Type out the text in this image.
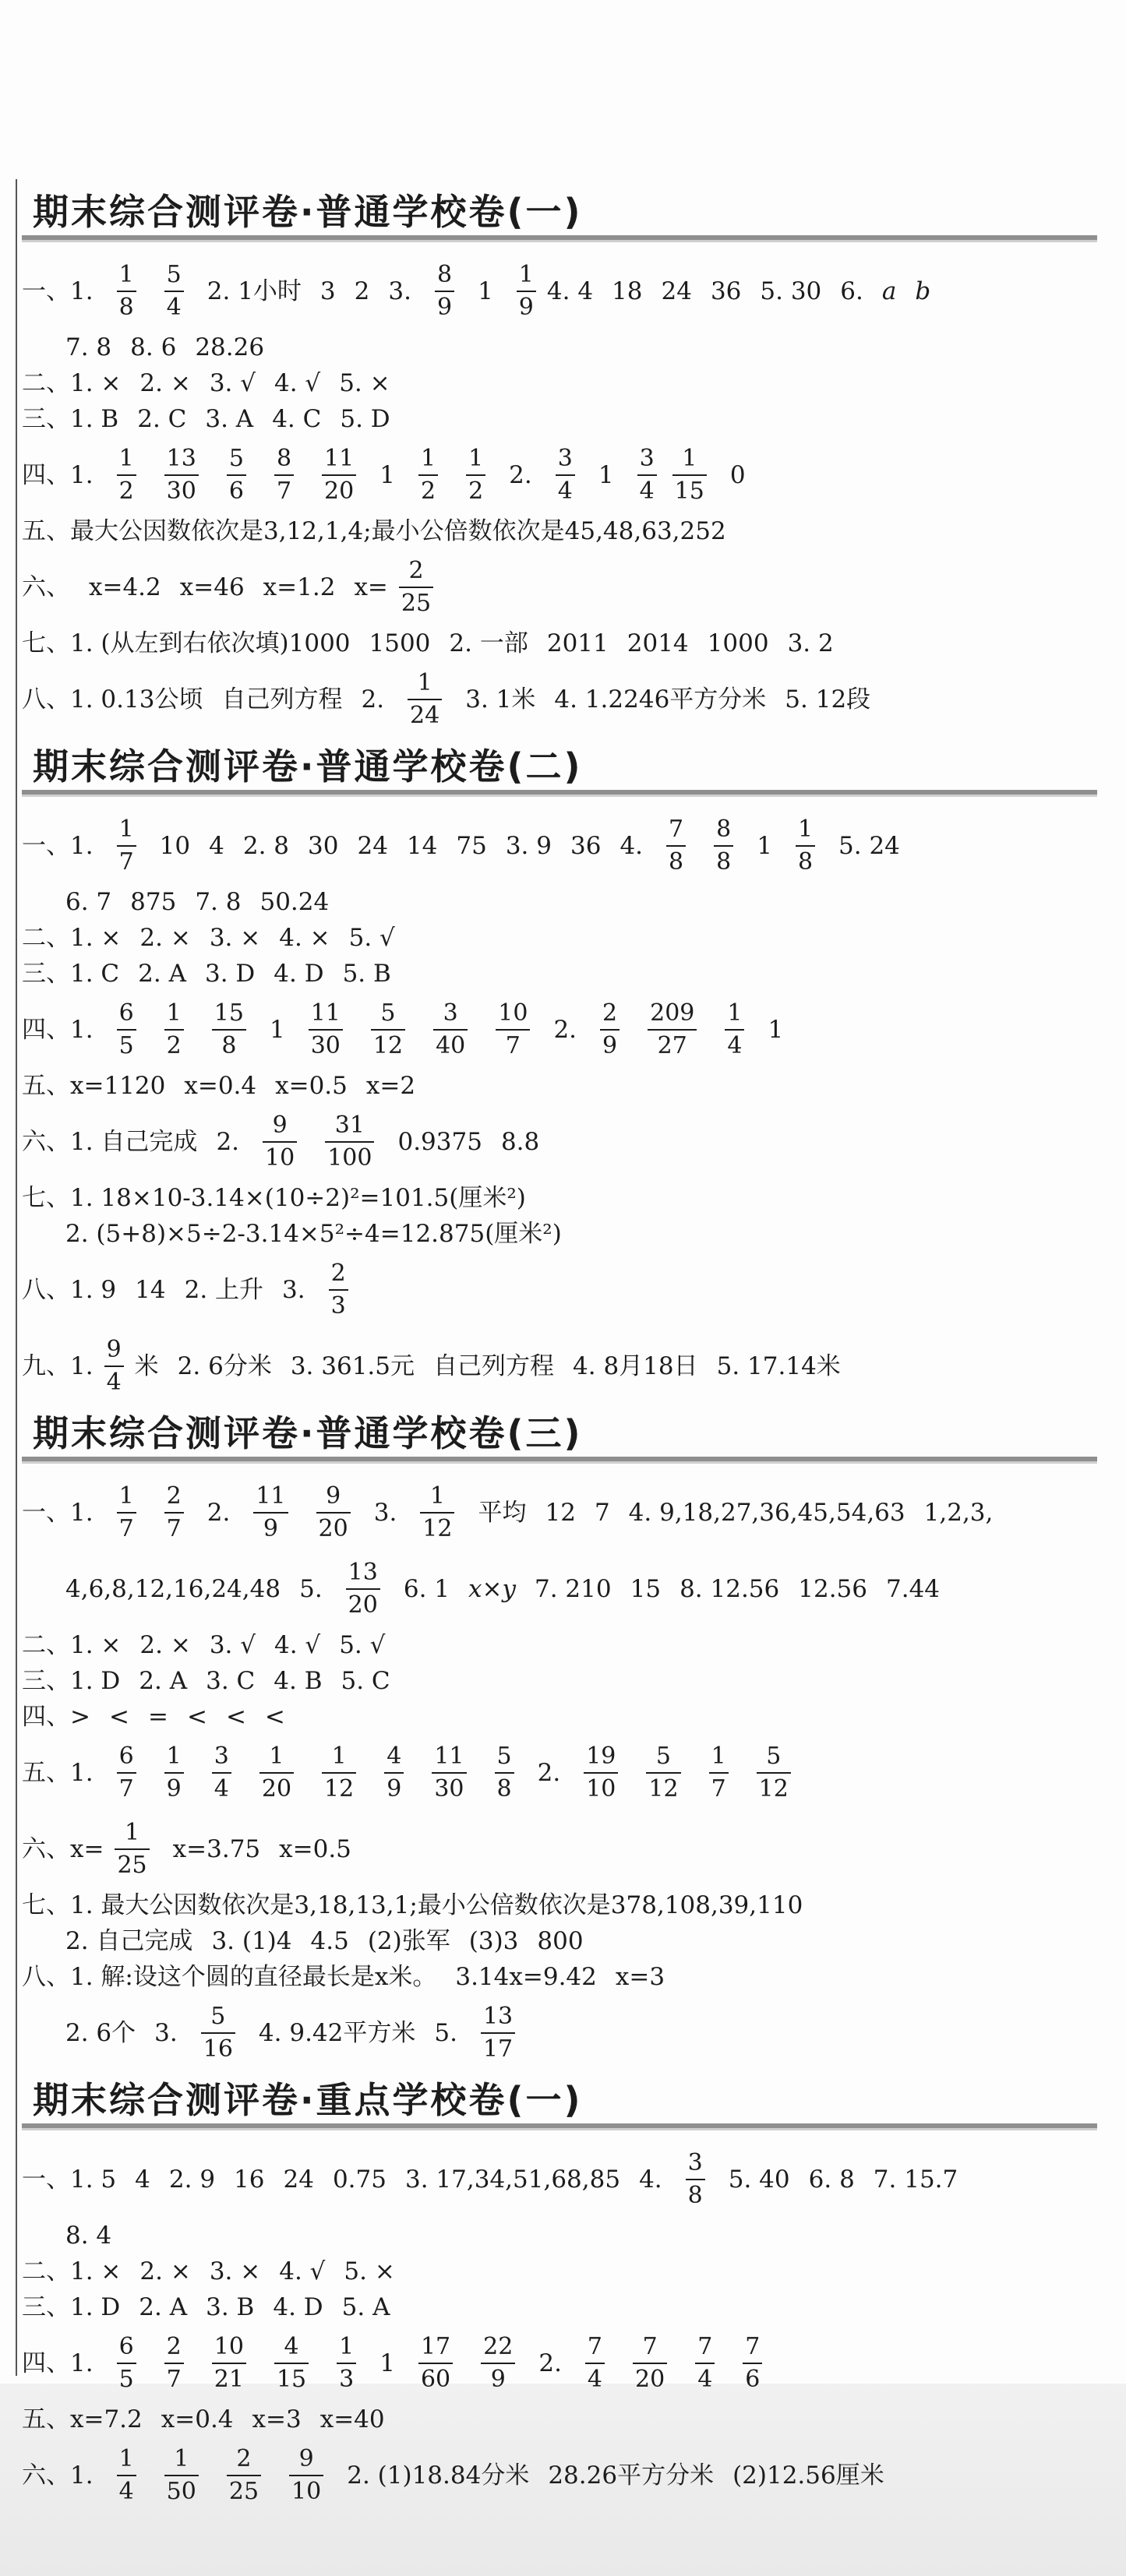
期末综合测评卷·普通学校卷(一)
一、1. $\frac{1}{8} \frac{5}{4} 2$. 1小时 3 2 3. $\frac{8}{9} 1 \frac{1}{9} 4$. 4 18 24 36 5. 30 6. a b
7. 8 8. 6 28.26
二、1. × 2. × 3. √ 4. √ 5. ×
三、1. B 2. C 3. A 4. C 5. D
四、1. $\frac{1}{2} \frac{13}{30} \frac{5}{6} \frac{8}{7} \frac{11}{20} 1 \frac{1}{2} \frac{1}{2} 2$. $\frac{3}{4} 1 \frac{3}{4} \frac{1}{15} 0$
五、最大公因数依次是3,12,1,4;最小公倍数依次是45,48,63,252
六、 x=4.2 x=46 x=1.2 $x= \frac{2}{25}$
七、1. (从左到右依次填)1000 1500 2. 一部 2011 2014 1000 3. 2
八、1. 0.13公顷 自己列方程 2. $\frac{1}{24} 3$. 1米 4. 1.2246平方分米 5. 12段
期末综合测评卷·普通学校卷(二)
一、1. $\frac{1}{7} 10$ 4 2. 8 30 24 14 75 3. 9 36 4. $\frac{7}{8} \frac{8}{8} 1 \frac{1}{8} 5$. 24
6. 7 875 7. 8 50.24
二、1. × 2. × 3. × 4. × 5. √
三、1. C 2. A 3. D 4. D 5. B
四、1. $\frac{6}{5} \frac{1}{2} \frac{15}{8} 1 \frac{11}{30} \frac{5}{12} \frac{3}{40} \frac{10}{7} 2$. $\frac{2}{9} \frac{209}{27} \frac{1}{4} 1$
五、x=1120 x=0.4 x=0.5 x=2
六、1. 自己完成 2. $\frac{9}{10} \frac{31}{100} 0.9375$ 8.8
七、1. 18×10-3.14×(10÷2)²=101.5(厘米²)
2. (5+8)×5÷2-3.14×5²÷4=12.875(厘米²)
八、1. 9 14 2. 上升 3. $\frac{2}{3}$
九、1. $\frac{9}{4}$ 米 2. 6分米 3. 361.5元 自己列方程 4. 8月18日 5. 17.14米
期末综合测评卷·普通学校卷(三)
一、1. $\frac{1}{7} \frac{2}{7} 2$. $\frac{11}{9} \frac{9}{20} 3$. $\frac{1}{12}$ 平均 12 7 4. 9,18,27,36,45,54,63 1,2,3,
4,6,8,12,16,24,48 5. $\frac{13}{20} 6$. 1 x×y 7. 210 15 8. 12.56 12.56 7.44
二、1. × 2. × 3. √ 4. √ 5. √
三、1. D 2. A 3. C 4. B 5. C
四、> < = < < <
五、1. $\frac{6}{7} \frac{1}{9} \frac{3}{4} \frac{1}{20} \frac{1}{12} \frac{4}{9} \frac{11}{30} \frac{5}{8} 2$. $\frac{19}{10} \frac{5}{12} \frac{1}{7} \frac{5}{12}$
六、$x= \frac{1}{25} x=3.75$ x=0.5
七、1. 最大公因数依次是3,18,13,1;最小公倍数依次是378,108,39,110
2. 自己完成 3. (1)4 4.5 (2)张军 (3)3 800
八、1. 解:设这个圆的直径最长是x米。 3.14x=9.42 x=3
2. 6个 3. $\frac{5}{16} 4$. 9.42平方米 5. $\frac{13}{17}$
期末综合测评卷·重点学校卷(一)
一、1. 5 4 2. 9 16 24 0.75 3. 17,34,51,68,85 4. $\frac{3}{8} 5$. 40 6. 8 7. 15.7
8. 4
二、1. × 2. × 3. × 4. √ 5. ×
三、1. D 2. A 3. B 4. D 5. A
四、1. $\frac{6}{5} \frac{2}{7} \frac{10}{21} \frac{4}{15} \frac{1}{3} 1 \frac{17}{60} \frac{22}{9} 2$. $\frac{7}{4} \frac{7}{20} \frac{7}{4} \frac{7}{6}$
五、x=7.2 x=0.4 x=3 x=40
六、1. $\frac{1}{4} \frac{1}{50} \frac{2}{25} \frac{9}{10} 2$. (1)18.84分米 28.26平方分米 (2)12.56厘米
